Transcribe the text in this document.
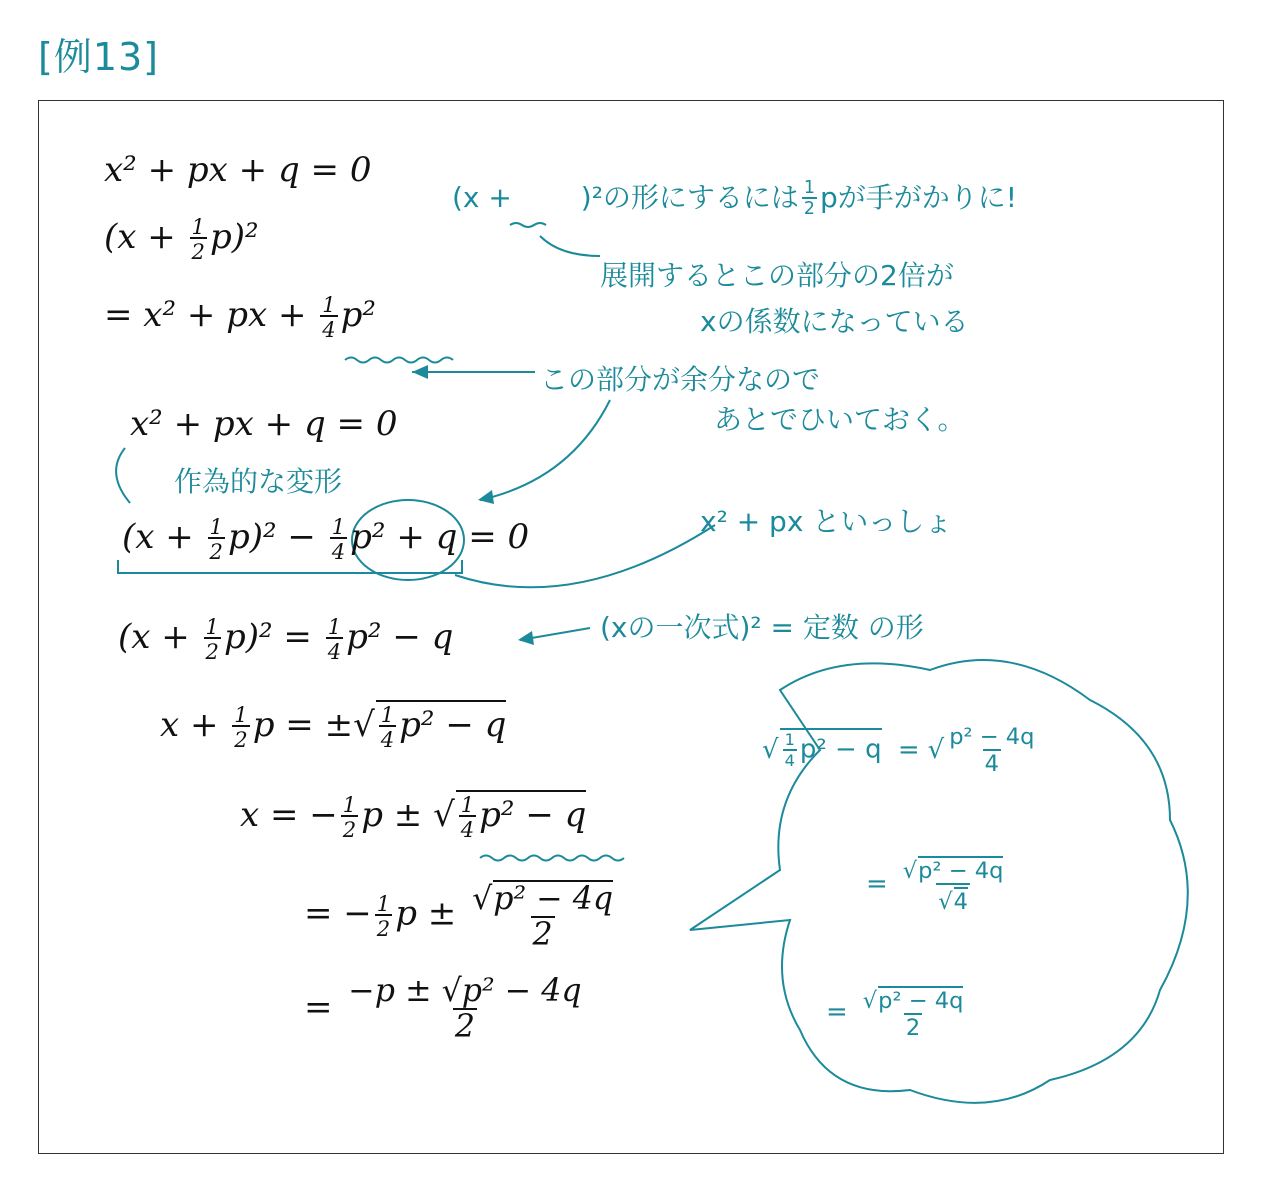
[例13]
x² + px + q = 0
$(x + \frac{1}{2} p)^2$
= x² + px + $\frac{1}{4} p^2$
x² + px + q = 0
$(x + \frac{1}{2} p)^2 - \frac{1}{4} p^2 + q = 0$
$(x + \frac{1}{2} p)^2 = \frac{1}{4} p^2 - q$
$x + \frac{1}{2}$ p = ±√ $\frac{1}{4} p^2 - q$
x = − $\frac{1}{2}$ p ± √ $\frac{1}{4} p^2 - q$
= − $\frac{1}{2}$ $p \pm \frac{\text{√p² − 4q}}{2}$
= $\frac{\text{−p ± √p² − 4q}}{2}$
(x + )²の形にするには $\frac{1}{2}$ pが手がかりに!
展開するとこの部分の2倍が
xの係数になっている
この部分が余分なので
あとでひいておく。
作為的な変形
x² + px といっしょ
(xの一次式)² = 定数 の形
√ $\frac{1}{4} p^2 - q$ = √ $\frac{\text{p² − 4q}}{4}$
= $\frac{\text{√p² − 4q}}{√4}$
= $\frac{\text{√p² − 4q}}{2}$
